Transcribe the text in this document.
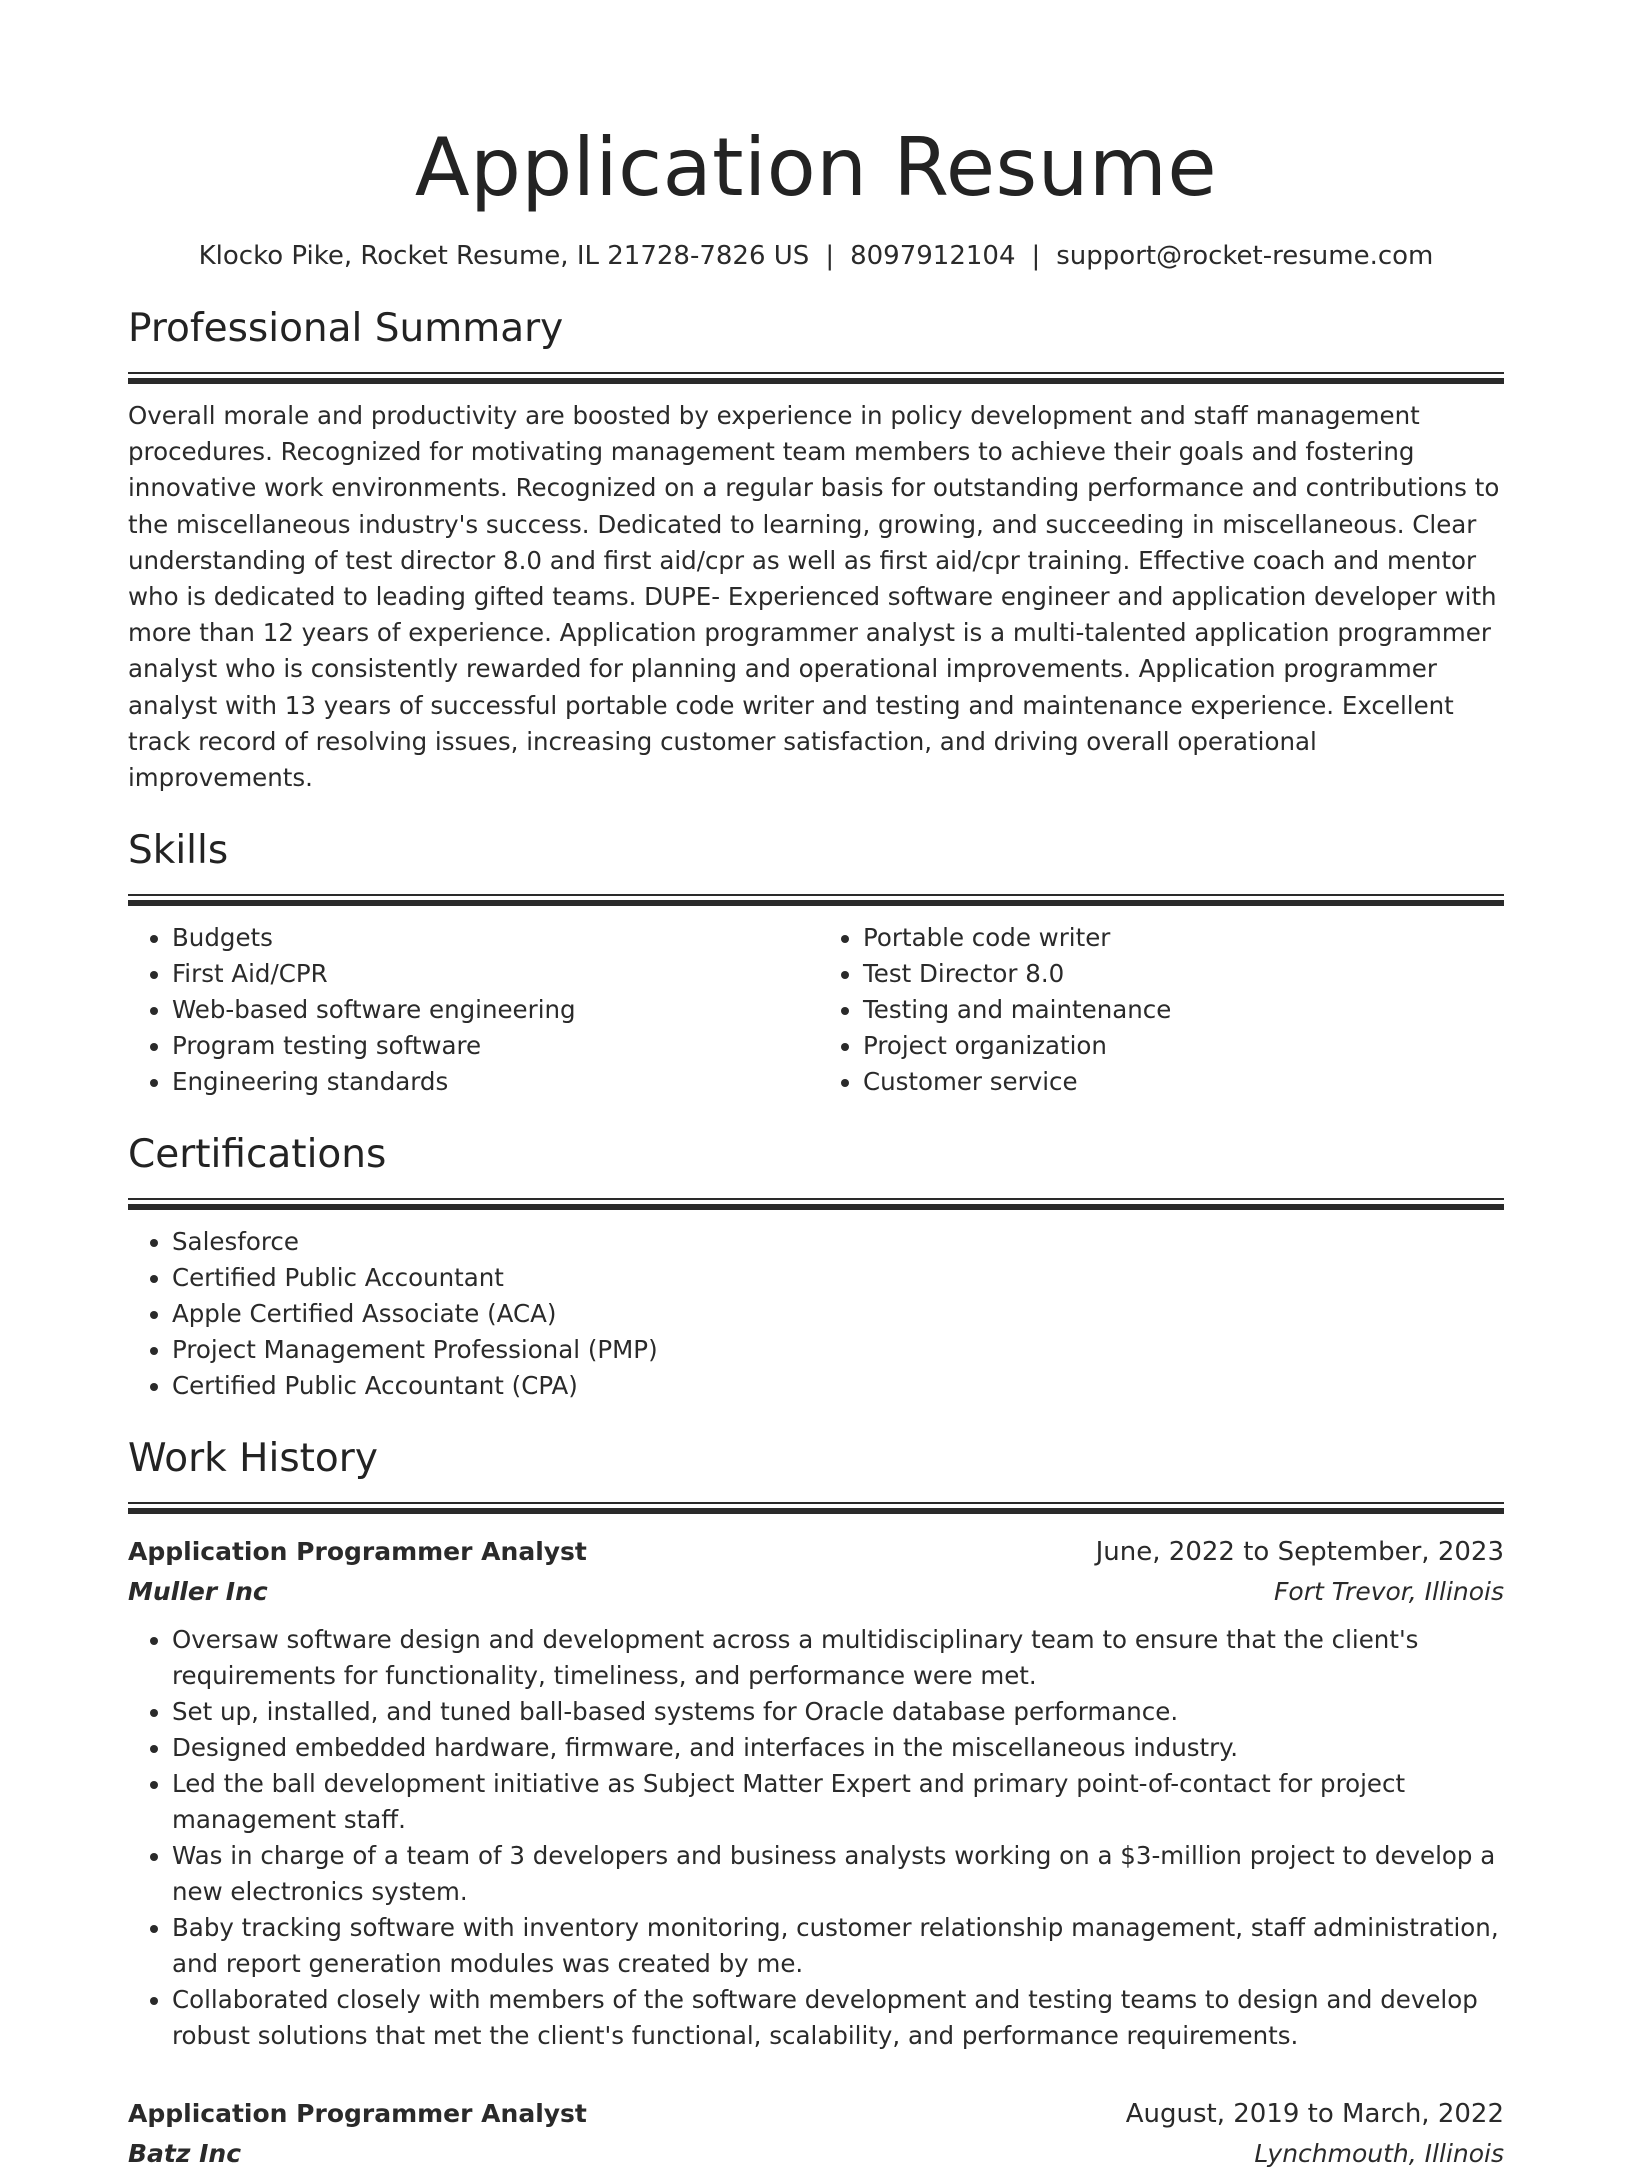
Application Resume
Klocko Pike, Rocket Resume, IL 21728-7826 US | 8097912104 | support@rocket-resume.com
Professional Summary
Overall morale and productivity are boosted by experience in policy development and staff management procedures. Recognized for motivating management team members to achieve their goals and fostering innovative work environments. Recognized on a regular basis for outstanding performance and contributions to the miscellaneous industry's success. Dedicated to learning, growing, and succeeding in miscellaneous. Clear understanding of test director 8.0 and first aid/cpr as well as first aid/cpr training. Effective coach and mentor who is dedicated to leading gifted teams. DUPE- Experienced software engineer and application developer with more than 12 years of experience. Application programmer analyst is a multi-talented application programmer analyst who is consistently rewarded for planning and operational improvements. Application programmer analyst with 13 years of successful portable code writer and testing and maintenance experience. Excellent track record of resolving issues, increasing customer satisfaction, and driving overall operational improvements.
Skills
• Budgets
• First Aid/CPR
• Web-based software engineering
• Program testing software
• Engineering standards
• Portable code writer
• Test Director 8.0
• Testing and maintenance
• Project organization
• Customer service
Certifications
• Salesforce
• Certified Public Accountant
• Apple Certified Associate (ACA)
• Project Management Professional (PMP)
• Certified Public Accountant (CPA)
Work History
Application Programmer Analyst	June, 2022 to September, 2023
Muller Inc	Fort Trevor, Illinois
• Oversaw software design and development across a multidisciplinary team to ensure that the client's requirements for functionality, timeliness, and performance were met.
• Set up, installed, and tuned ball-based systems for Oracle database performance.
• Designed embedded hardware, firmware, and interfaces in the miscellaneous industry.
• Led the ball development initiative as Subject Matter Expert and primary point-of-contact for project management staff.
• Was in charge of a team of 3 developers and business analysts working on a $3-million project to develop a new electronics system.
• Baby tracking software with inventory monitoring, customer relationship management, staff administration, and report generation modules was created by me.
• Collaborated closely with members of the software development and testing teams to design and develop robust solutions that met the client's functional, scalability, and performance requirements.
Application Programmer Analyst	August, 2019 to March, 2022
Batz Inc	Lynchmouth, Illinois
